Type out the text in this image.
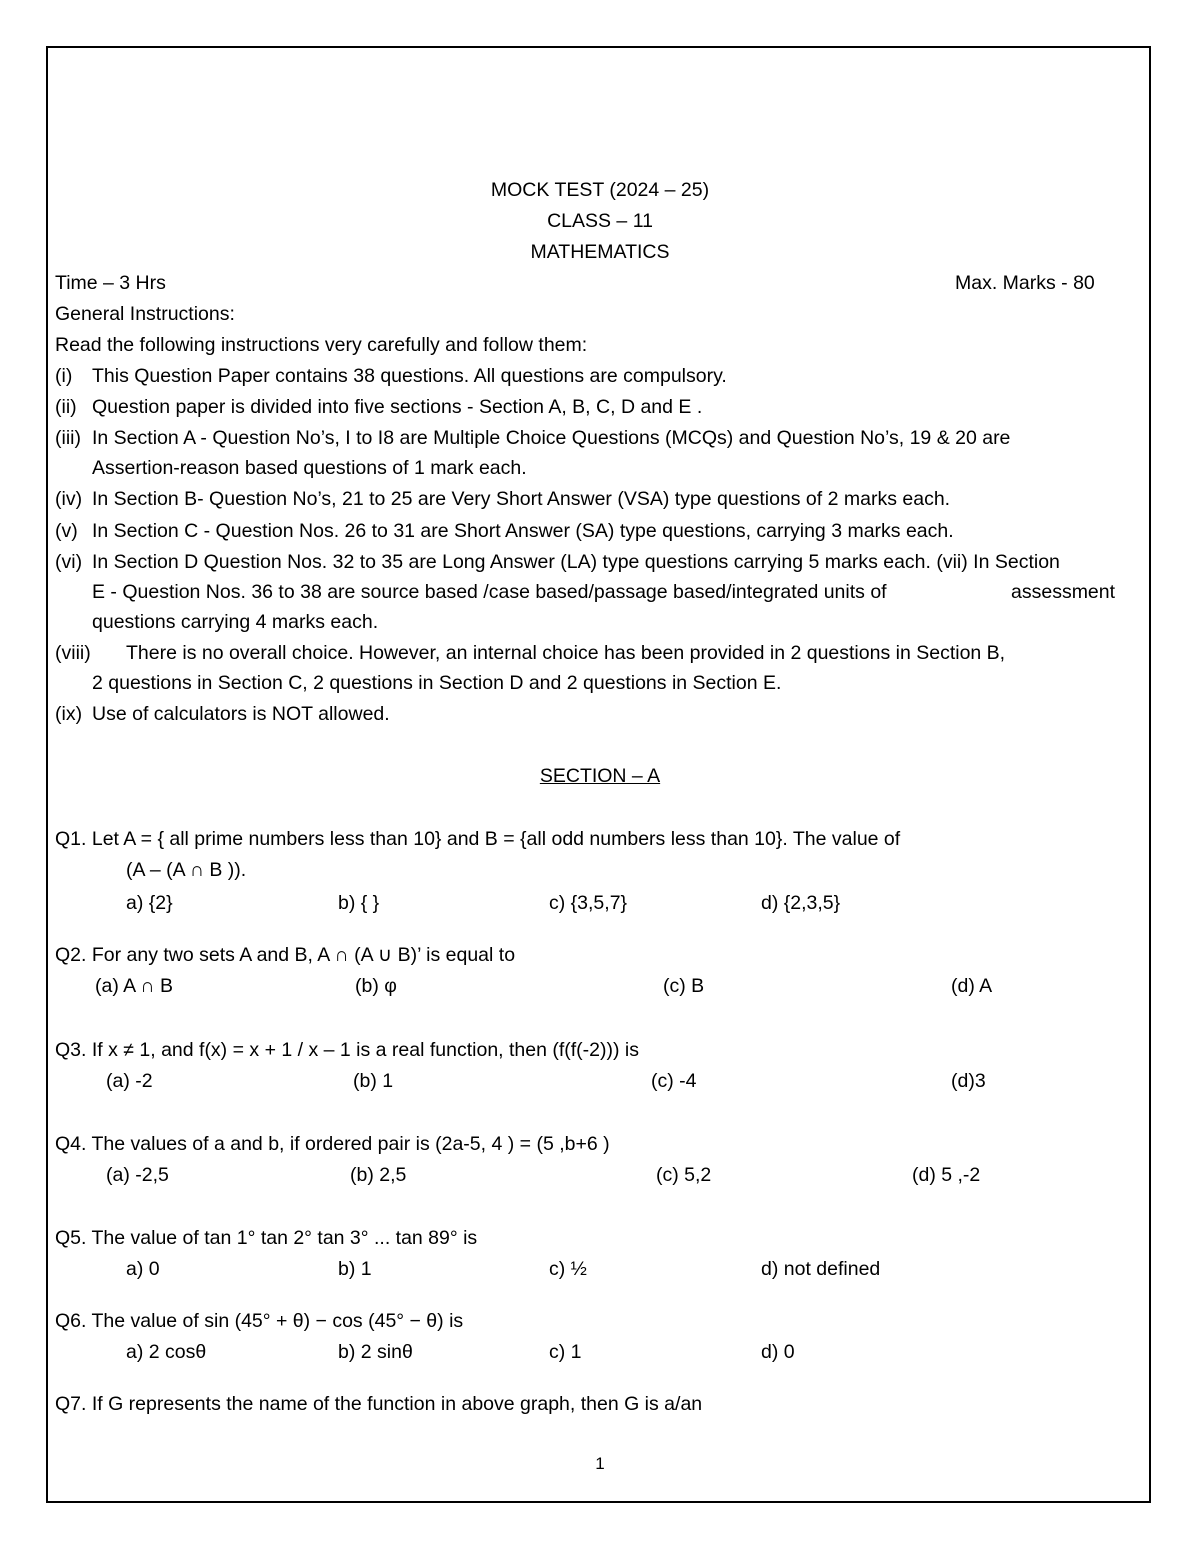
MOCK TEST (2024 – 25)
CLASS – 11
MATHEMATICS
Time – 3 Hrs	Max. Marks - 80
General Instructions:
Read the following instructions very carefully and follow them:
(i) This Question Paper contains 38 questions. All questions are compulsory.
(ii) Question paper is divided into five sections - Section A, B, C, D and E .
(iii) In Section A - Question No’s, I to I8 are Multiple Choice Questions (MCQs) and Question No’s, 19 & 20 are
Assertion-reason based questions of 1 mark each.
(iv) In Section B- Question No’s, 21 to 25 are Very Short Answer (VSA) type questions of 2 marks each.
(v) In Section C - Question Nos. 26 to 31 are Short Answer (SA) type questions, carrying 3 marks each.
(vi) In Section D Question Nos. 32 to 35 are Long Answer (LA) type questions carrying 5 marks each. (vii) In Section
E - Question Nos. 36 to 38 are source based /case based/passage based/integrated units of	assessment
questions carrying 4 marks each.
(viii) There is no overall choice. However, an internal choice has been provided in 2 questions in Section B,
2 questions in Section C, 2 questions in Section D and 2 questions in Section E.
(ix) Use of calculators is NOT allowed.
SECTION – A
Q1. Let A = { all prime numbers less than 10} and B = {all odd numbers less than 10}. The value of
(A – (A ∩ B )).
a) {2}	b) { }	c) {3,5,7}	d) {2,3,5}
Q2. For any two sets A and B, A ∩ (A ∪ B)’ is equal to
(a) A ∩ B	(b) φ	(c) B	(d) A
Q3. If x ≠ 1, and f(x) = x + 1 / x – 1 is a real function, then (f(f(-2))) is
(a) -2	(b) 1	(c) -4	(d)3
Q4. The values of a and b, if ordered pair is (2a-5, 4 ) = (5 ,b+6 )
(a) -2,5	(b) 2,5	(c) 5,2	(d) 5 ,-2
Q5. The value of tan 1° tan 2° tan 3° ... tan 89° is
a) 0	b) 1	c) ½	d) not defined
Q6. The value of sin (45° + θ) − cos (45° − θ) is
a) 2 cosθ	b) 2 sinθ	c) 1	d) 0
Q7. If G represents the name of the function in above graph, then G is a/an
1
